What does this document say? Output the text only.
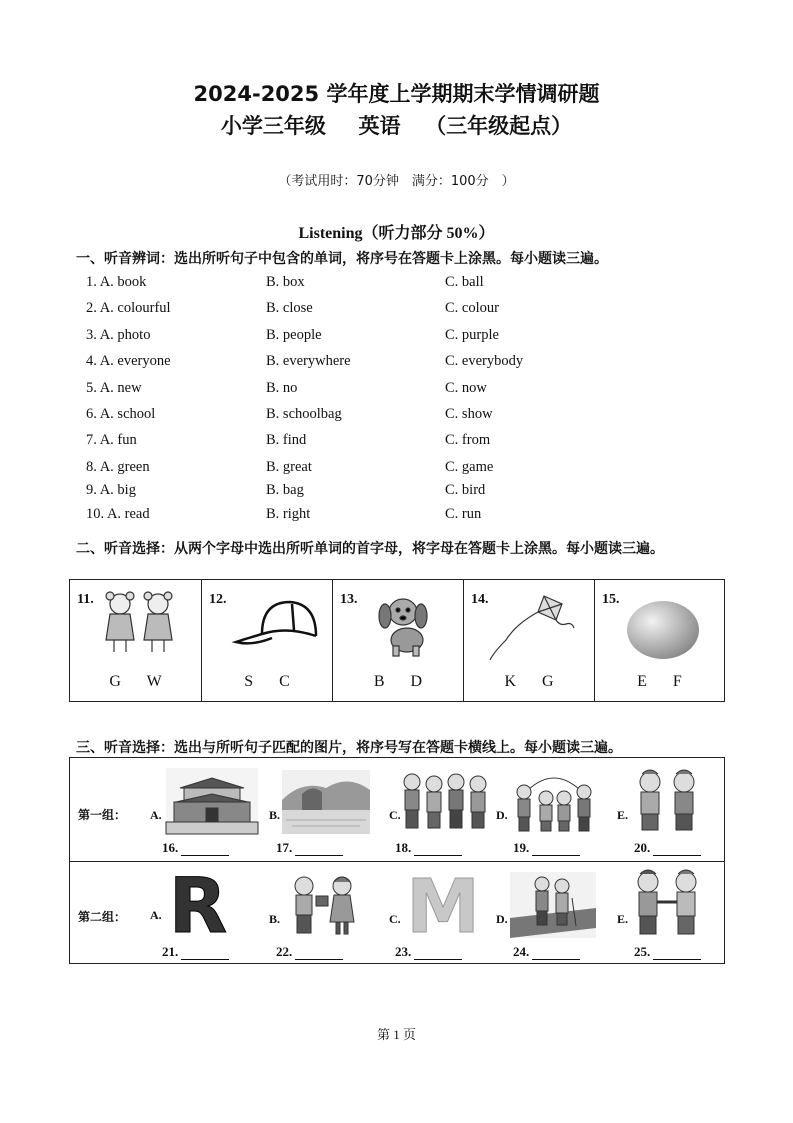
2024-2025 学年度上学期期末学情调研题
小学三年级 英语 （三年级起点）
（考试用时：70分钟　满分：100分　）
Listening（听力部分 50%）
一、听音辨词：选出所听句子中包含的单词，将序号在答题卡上涂黑。每小题读三遍。
1. A. book	B. box	C. ball
2. A. colourful	B. close	C. colour
3. A. photo	B. people	C. purple
4. A. everyone	B. everywhere	C. everybody
5. A. new	B. no	C. now
6. A. school	B. schoolbag	C. show
7. A. fun	B. find	C. from
8. A. green	B. great	C. game
9. A. big	B. bag	C. bird
10. A. read	B. right	C. run
二、听音选择：从两个字母中选出所听单词的首字母，将字母在答题卡上涂黑。每小题读三遍。
11.
G W
12.
S C
13.
B D
14.
K G
15.
E F
三、听音选择：选出与所听句子匹配的图片，将序号写在答题卡横线上。每小题读三遍。
第一组： A.
16.
B.
17.
C.
18.
D.
19.
E.
20.
第二组： A. R
21.
B.
22.
C. M
23.
D.
24.
E.
25.
第 1 页
